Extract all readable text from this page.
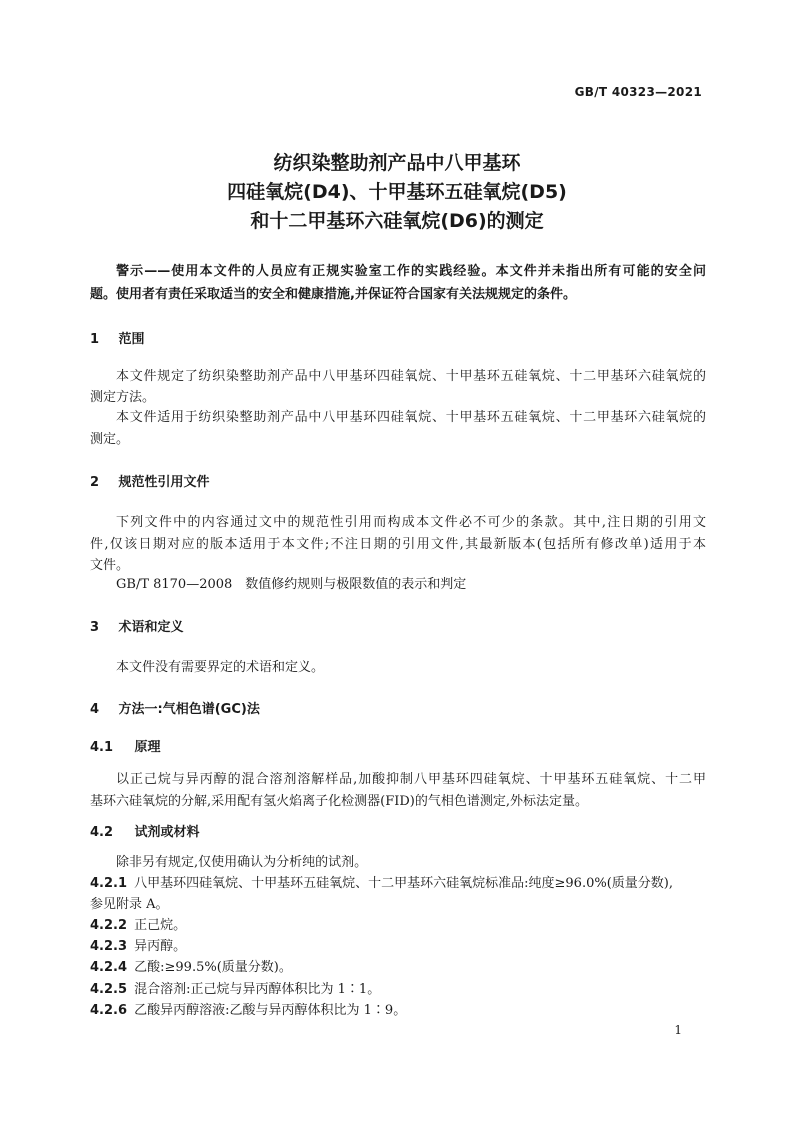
GB/T 40323—2021
纺织染整助剂产品中八甲基环
四硅氧烷(D4)、十甲基环五硅氧烷(D5)
和十二甲基环六硅氧烷(D6)的测定
警示——使用本文件的人员应有正规实验室工作的实践经验。本文件并未指出所有可能的安全问
题。使用者有责任采取适当的安全和健康措施,并保证符合国家有关法规规定的条件。
1 范围
本文件规定了纺织染整助剂产品中八甲基环四硅氧烷、十甲基环五硅氧烷、十二甲基环六硅氧烷的
测定方法。
本文件适用于纺织染整助剂产品中八甲基环四硅氧烷、十甲基环五硅氧烷、十二甲基环六硅氧烷的
测定。
2 规范性引用文件
下列文件中的内容通过文中的规范性引用而构成本文件必不可少的条款。其中,注日期的引用文
件,仅该日期对应的版本适用于本文件;不注日期的引用文件,其最新版本(包括所有修改单)适用于本
文件。
GB/T 8170—2008　数值修约规则与极限数值的表示和判定
3 术语和定义
本文件没有需要界定的术语和定义。
4 方法一:气相色谱(GC)法
4.1 原理
以正己烷与异丙醇的混合溶剂溶解样品,加酸抑制八甲基环四硅氧烷、十甲基环五硅氧烷、十二甲
基环六硅氧烷的分解,采用配有氢火焰离子化检测器(FID)的气相色谱测定,外标法定量。
4.2 试剂或材料
除非另有规定,仅使用确认为分析纯的试剂。
4.2.1 八甲基环四硅氧烷、十甲基环五硅氧烷、十二甲基环六硅氧烷标准品:纯度≥96.0%(质量分数),
参见附录 A。
4.2.2 正己烷。
4.2.3 异丙醇。
4.2.4 乙酸:≥99.5%(质量分数)。
4.2.5 混合溶剂:正己烷与异丙醇体积比为 1∶1。
4.2.6 乙酸异丙醇溶液:乙酸与异丙醇体积比为 1∶9。
1
